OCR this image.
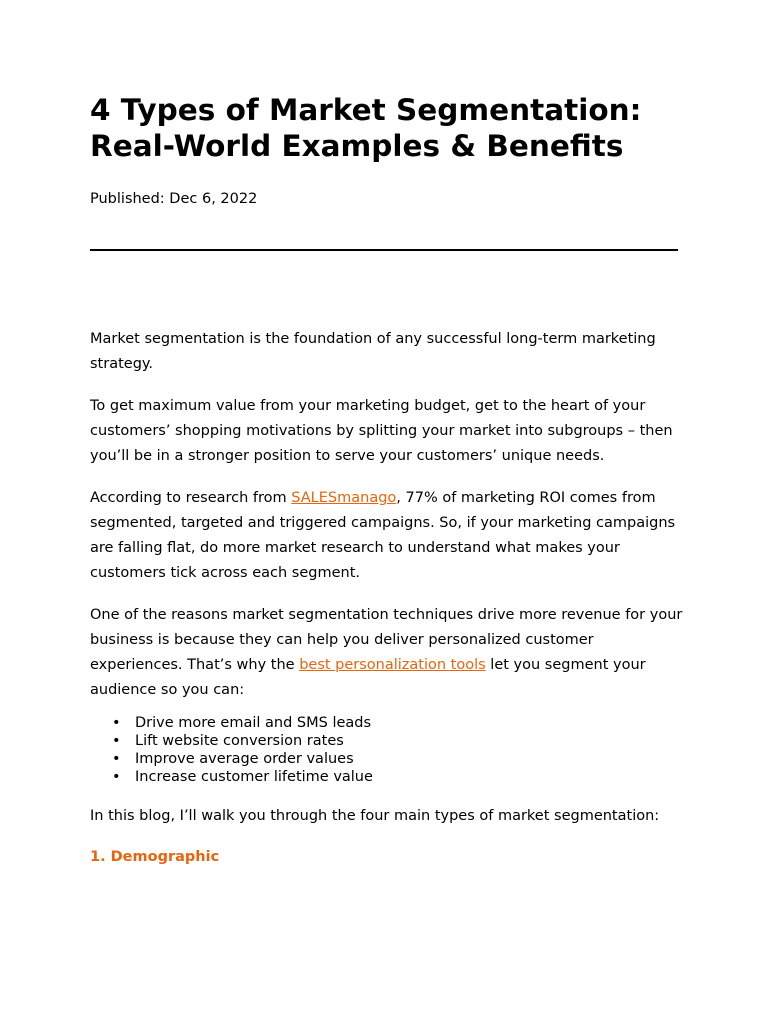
4 Types of Market Segmentation: Real-World Examples & Benefits

Published: Dec 6, 2022

Market segmentation is the foundation of any successful long-term marketing strategy.

To get maximum value from your marketing budget, get to the heart of your customers’ shopping motivations by splitting your market into subgroups – then you’ll be in a stronger position to serve your customers’ unique needs.

According to research from SALESmanago, 77% of marketing ROI comes from segmented, targeted and triggered campaigns. So, if your marketing campaigns are falling flat, do more market research to understand what makes your customers tick across each segment.

One of the reasons market segmentation techniques drive more revenue for your business is because they can help you deliver personalized customer experiences. That’s why the best personalization tools let you segment your audience so you can:

• Drive more email and SMS leads
• Lift website conversion rates
• Improve average order values
• Increase customer lifetime value

In this blog, I’ll walk you through the four main types of market segmentation:

1. Demographic
